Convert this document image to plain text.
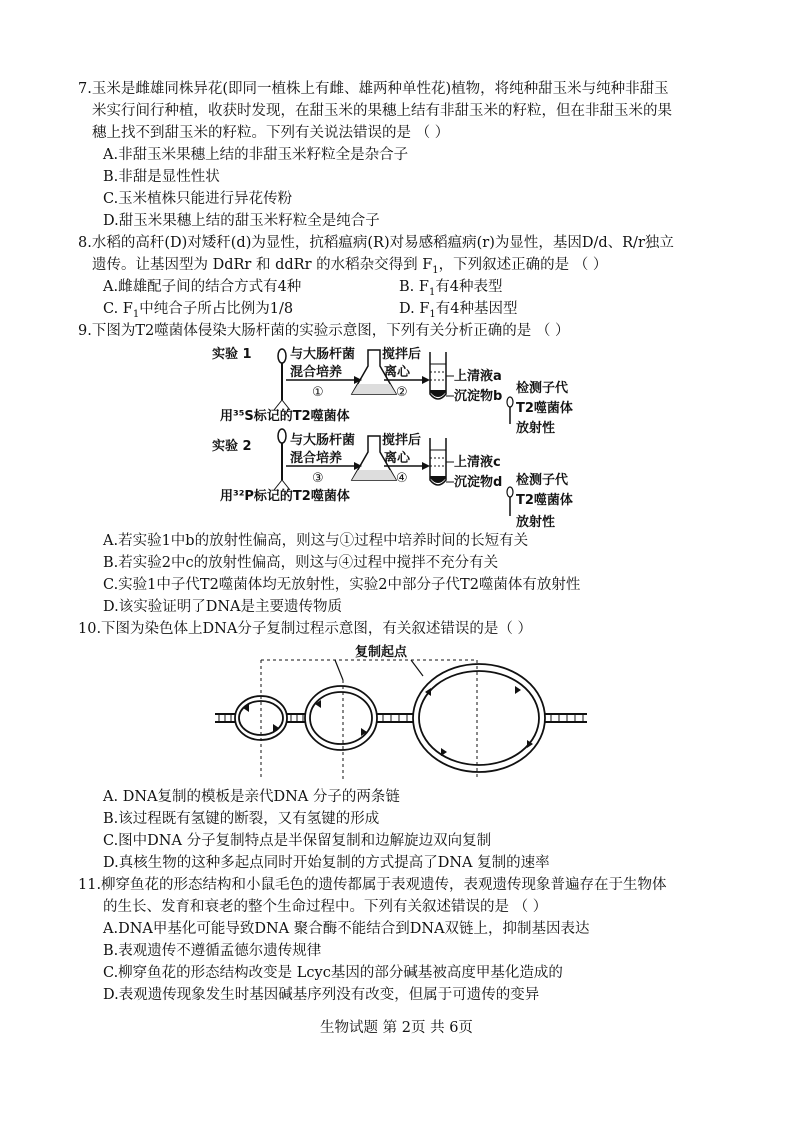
7.玉米是雌雄同株异花(即同一植株上有雌、雄两种单性花)植物，将纯种甜玉米与纯种非甜玉
米实行间行种植，收获时发现，在甜玉米的果穗上结有非甜玉米的籽粒，但在非甜玉米的果
穗上找不到甜玉米的籽粒。下列有关说法错误的是 （ ）
A.非甜玉米果穗上结的非甜玉米籽粒全是杂合子
B.非甜是显性性状
C.玉米植株只能进行异花传粉
D.甜玉米果穗上结的甜玉米籽粒全是纯合子
8.水稻的高秆(D)对矮秆(d)为显性，抗稻瘟病(R)对易感稻瘟病(r)为显性，基因D/d、R/r独立
遗传。让基因型为 DdRr 和 ddRr 的水稻杂交得到 $F_1$，下列叙述正确的是 （ ）
A.雌雄配子间的结合方式有4种	B. $F_1$有4种表型
C. $F_1$中纯合子所占比例为1/8	D. $F_1$有4种基因型
9.下图为T2噬菌体侵染大肠杆菌的实验示意图，下列有关分析正确的是 （ ）
实验 1	与大肠杆菌
混合培养
①
搅拌后
离心
②
上清液a
沉淀物b
检测子代
T2噬菌体
放射性
用³⁵S标记的T2噬菌体
实验 2	与大肠杆菌
混合培养
③
搅拌后
离心
④
上清液c
沉淀物d 检测子代
T2噬菌体
放射性
用³²P标记的T2噬菌体
A.若实验1中b的放射性偏高，则这与①过程中培养时间的长短有关
B.若实验2中c的放射性偏高，则这与④过程中搅拌不充分有关
C.实验1中子代T2噬菌体均无放射性，实验2中部分子代T2噬菌体有放射性
D.该实验证明了DNA是主要遗传物质
10.下图为染色体上DNA分子复制过程示意图，有关叙述错误的是（ ）
复制起点
A. DNA复制的模板是亲代DNA 分子的两条链
B.该过程既有氢键的断裂，又有氢键的形成
C.图中DNA 分子复制特点是半保留复制和边解旋边双向复制
D.真核生物的这种多起点同时开始复制的方式提高了DNA 复制的速率
11.柳穿鱼花的形态结构和小鼠毛色的遗传都属于表观遗传，表观遗传现象普遍存在于生物体
的生长、发育和衰老的整个生命过程中。下列有关叙述错误的是 （ ）
A.DNA甲基化可能导致DNA 聚合酶不能结合到DNA双链上，抑制基因表达
B.表观遗传不遵循孟德尔遗传规律
C.柳穿鱼花的形态结构改变是 Lcyc基因的部分碱基被高度甲基化造成的
D.表观遗传现象发生时基因碱基序列没有改变，但属于可遗传的变异
生物试题 第 2页 共 6页
